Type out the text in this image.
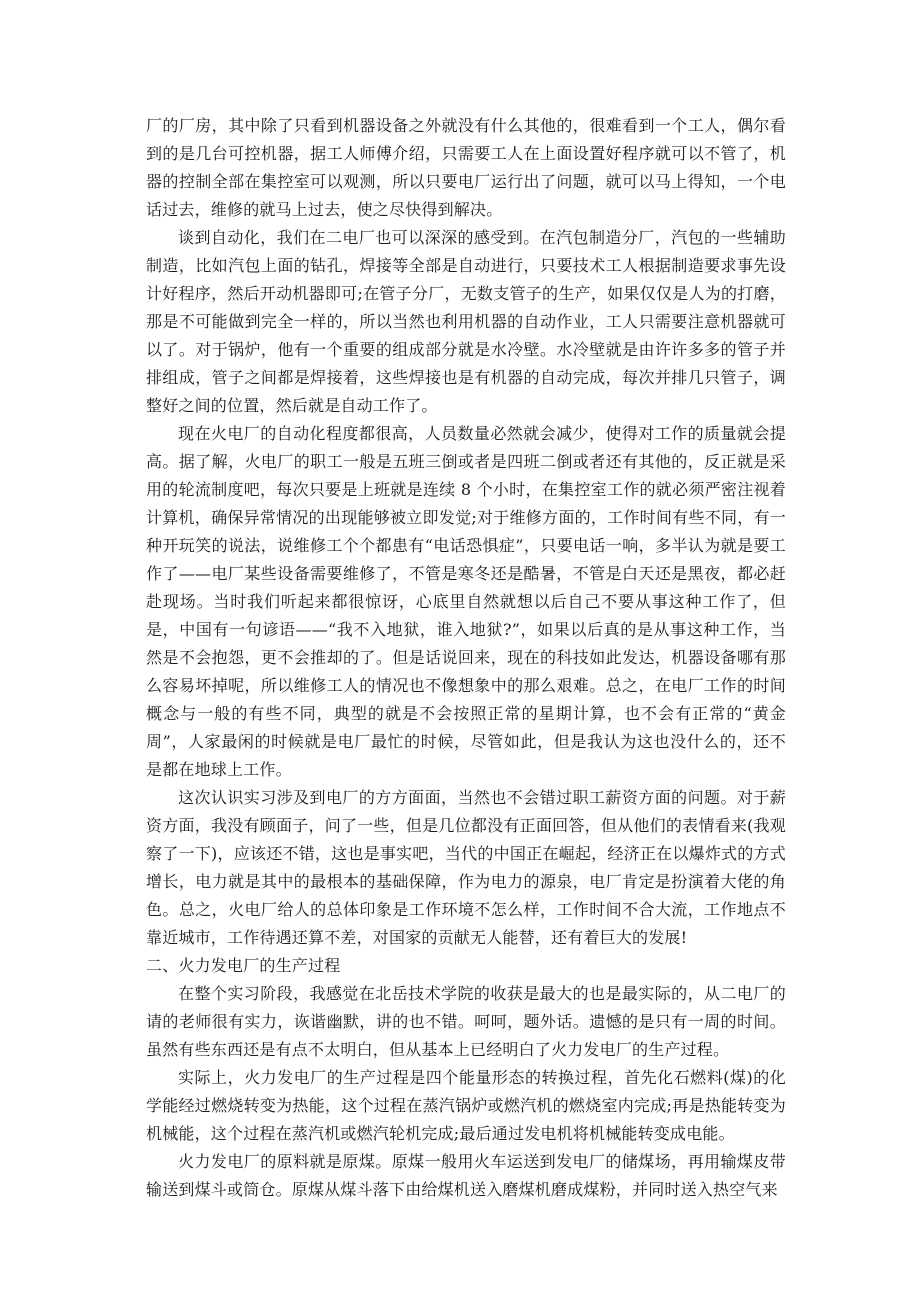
厂的厂房，其中除了只看到机器设备之外就没有什么其他的，很难看到一个工人，偶尔看到的是几台可控机器，据工人师傅介绍，只需要工人在上面设置好程序就可以不管了，机器的控制全部在集控室可以观测，所以只要电厂运行出了问题，就可以马上得知，一个电话过去，维修的就马上过去，使之尽快得到解决。

谈到自动化，我们在二电厂也可以深深的感受到。在汽包制造分厂，汽包的一些辅助制造，比如汽包上面的钻孔，焊接等全部是自动进行，只要技术工人根据制造要求事先设计好程序，然后开动机器即可;在管子分厂，无数支管子的生产，如果仅仅是人为的打磨，那是不可能做到完全一样的，所以当然也利用机器的自动作业，工人只需要注意机器就可以了。对于锅炉，他有一个重要的组成部分就是水冷壁。水冷壁就是由许许多多的管子并排组成，管子之间都是焊接着，这些焊接也是有机器的自动完成，每次并排几只管子，调整好之间的位置，然后就是自动工作了。

现在火电厂的自动化程度都很高，人员数量必然就会减少，使得对工作的质量就会提高。据了解，火电厂的职工一般是五班三倒或者是四班二倒或者还有其他的，反正就是采用的轮流制度吧，每次只要是上班就是连续 8 个小时，在集控室工作的就必须严密注视着计算机，确保异常情况的出现能够被立即发觉;对于维修方面的，工作时间有些不同，有一种开玩笑的说法，说维修工个个都患有“电话恐惧症”，只要电话一响，多半认为就是要工作了——电厂某些设备需要维修了，不管是寒冬还是酷暑，不管是白天还是黑夜，都必赶赴现场。当时我们听起来都很惊讶，心底里自然就想以后自己不要从事这种工作了，但是，中国有一句谚语——“我不入地狱，谁入地狱?”，如果以后真的是从事这种工作，当然是不会抱怨，更不会推却的了。但是话说回来，现在的科技如此发达，机器设备哪有那么容易坏掉呢，所以维修工人的情况也不像想象中的那么艰难。总之，在电厂工作的时间概念与一般的有些不同，典型的就是不会按照正常的星期计算，也不会有正常的“黄金周”，人家最闲的时候就是电厂最忙的时候，尽管如此，但是我认为这也没什么的，还不是都在地球上工作。

这次认识实习涉及到电厂的方方面面，当然也不会错过职工薪资方面的问题。对于薪资方面，我没有顾面子，问了一些，但是几位都没有正面回答，但从他们的表情看来(我观察了一下)，应该还不错，这也是事实吧，当代的中国正在崛起，经济正在以爆炸式的方式增长，电力就是其中的最根本的基础保障，作为电力的源泉，电厂肯定是扮演着大佬的角色。总之，火电厂给人的总体印象是工作环境不怎么样，工作时间不合大流，工作地点不靠近城市，工作待遇还算不差，对国家的贡献无人能替，还有着巨大的发展!

二、火力发电厂的生产过程

在整个实习阶段，我感觉在北岳技术学院的收获是最大的也是最实际的，从二电厂的请的老师很有实力，诙谐幽默，讲的也不错。呵呵，题外话。遗憾的是只有一周的时间。虽然有些东西还是有点不太明白，但从基本上已经明白了火力发电厂的生产过程。

实际上，火力发电厂的生产过程是四个能量形态的转换过程，首先化石燃料(煤)的化学能经过燃烧转变为热能，这个过程在蒸汽锅炉或燃汽机的燃烧室内完成;再是热能转变为机械能，这个过程在蒸汽机或燃汽轮机完成;最后通过发电机将机械能转变成电能。

火力发电厂的原料就是原煤。原煤一般用火车运送到发电厂的储煤场，再用输煤皮带输送到煤斗或筒仓。原煤从煤斗落下由给煤机送入磨煤机磨成煤粉，并同时送入热空气来
